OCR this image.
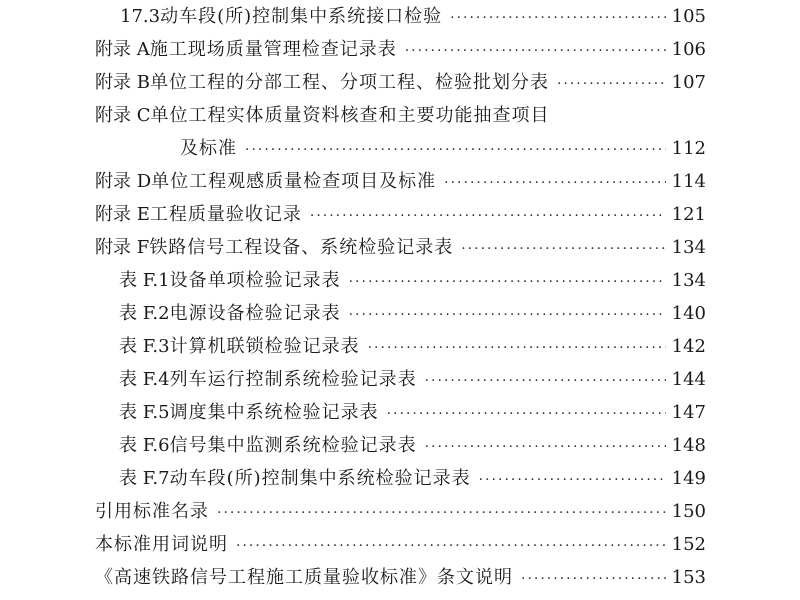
17.3 动车段(所)控制集中系统接口检验 ·····	105
附录 A 施工现场质量管理检查记录表 ·····	106
附录 B 单位工程的分部工程、分项工程、检验批划分表 ·····	107
附录 C 单位工程实体质量资料核查和主要功能抽查项目
及标准 ·····	112
附录 D 单位工程观感质量检查项目及标准 ·····	114
附录 E 工程质量验收记录 ·····	121
附录 F 铁路信号工程设备、系统检验记录表 ·····	134
表 F.1 设备单项检验记录表 ·····	134
表 F.2 电源设备检验记录表 ·····	140
表 F.3 计算机联锁检验记录表 ·····	142
表 F.4 列车运行控制系统检验记录表 ·····	144
表 F.5 调度集中系统检验记录表 ·····	147
表 F.6 信号集中监测系统检验记录表 ·····	148
表 F.7 动车段(所)控制集中系统检验记录表 ·····	149
引用标准名录 ·····	150
本标准用词说明 ·····	152
《高速铁路信号工程施工质量验收标准》条文说明 ·····	153
